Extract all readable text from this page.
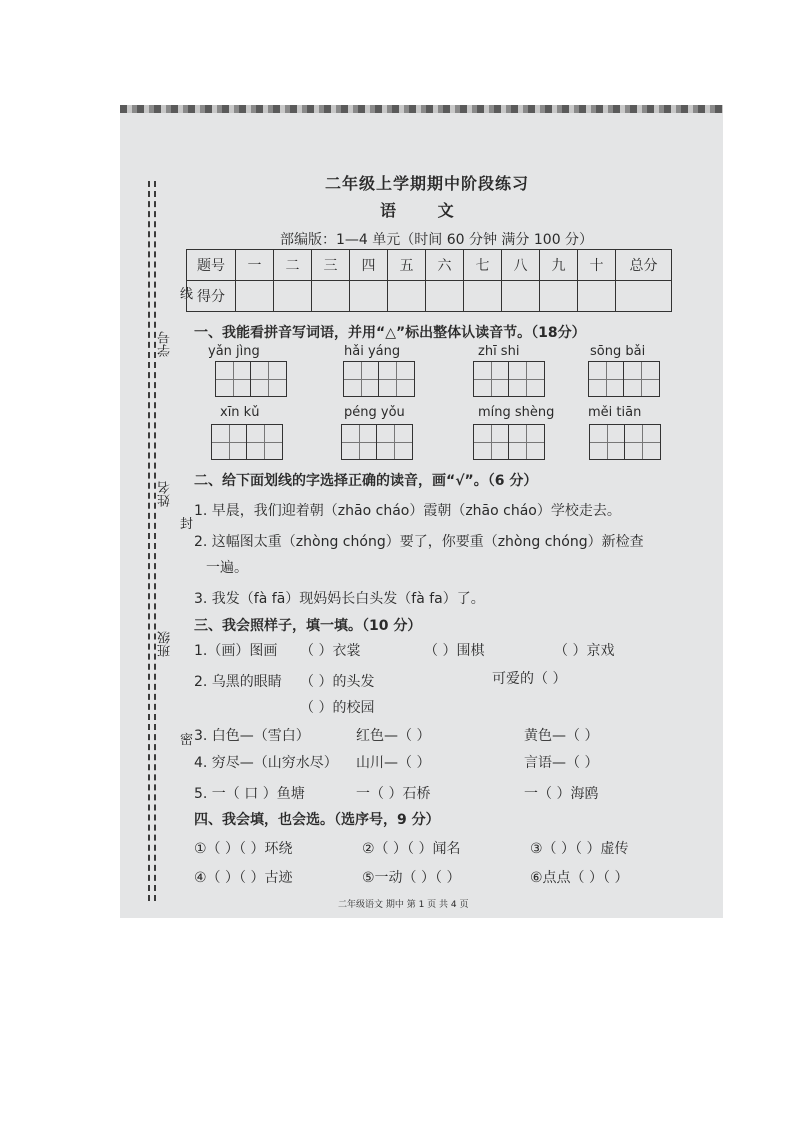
学号
姓名
班级
线
封
密
二年级上学期期中阶段练习
语 文
部编版：1—4 单元（时间 60 分钟 满分 100 分）
题号	一	二	三	四	五	六	七	八	九	十	总分
得分											
一、我能看拼音写词语，并用“△”标出整体认读音节。（18分）
yǎn jìng	hǎi yáng	zhī shi	sōng bǎi
xīn kǔ	péng yǒu	míng shèng	měi tiān
二、给下面划线的字选择正确的读音，画“√”。（6 分）
1. 早晨，我们迎着朝（zhāo cháo）霞朝（zhāo cháo）学校走去。
2. 这幅图太重（zhòng chóng）要了，你要重（zhòng chóng）新检查
一遍。
3. 我发（fà fā）现妈妈长白头发（fà fa）了。
三、我会照样子，填一填。（10 分）
1.（画）图画 （ ）衣裳	（ ）围棋	（ ）京戏
2. 乌黑的眼睛 （ ）的头发	可爱的（ ）
（ ）的校园
3. 白色—（雪白）	红色—（ ）	黄色—（ ）
4. 穷尽—（山穷水尽） 山川—（ ）	言语—（ ）
5. 一（ 口 ）鱼塘	一（ ）石桥	一（ ）海鸥
四、我会填，也会选。（选序号，9 分）
①（ ）（ ）环绕	②（ ）（ ）闻名	③（ ）（ ）虚传
④（ ）（ ）古迹	⑤一动（ ）（ ）	⑥点点（ ）（ ）
二年级语文 期中 第 1 页 共 4 页
